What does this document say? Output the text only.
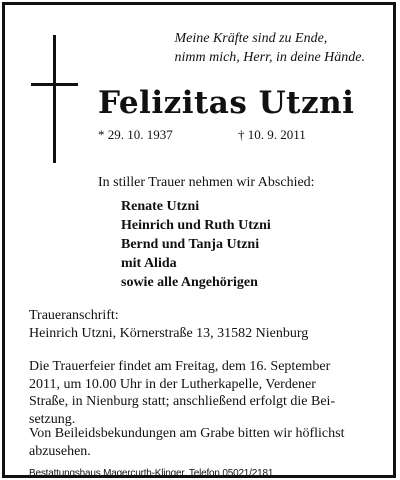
Meine Kräfte sind zu Ende,
nimm mich, Herr, in deine Hände.
Felizitas Utzni
* 29. 10. 1937	† 10. 9. 2011
In stiller Trauer nehmen wir Abschied:
Renate Utzni
Heinrich und Ruth Utzni
Bernd und Tanja Utzni
mit Alida
sowie alle Angehörigen
Traueranschrift:
Heinrich Utzni, Körnerstraße 13, 31582 Nienburg
Die Trauerfeier findet am Freitag, dem 16. September
2011, um 10.00 Uhr in der Lutherkapelle, Verdener
Straße, in Nienburg statt; anschließend erfolgt die Bei-
setzung.
Von Beileidsbekundungen am Grabe bitten wir höflichst
abzusehen.
Bestattungshaus Magercurth-Klinger, Telefon 05021/2181
